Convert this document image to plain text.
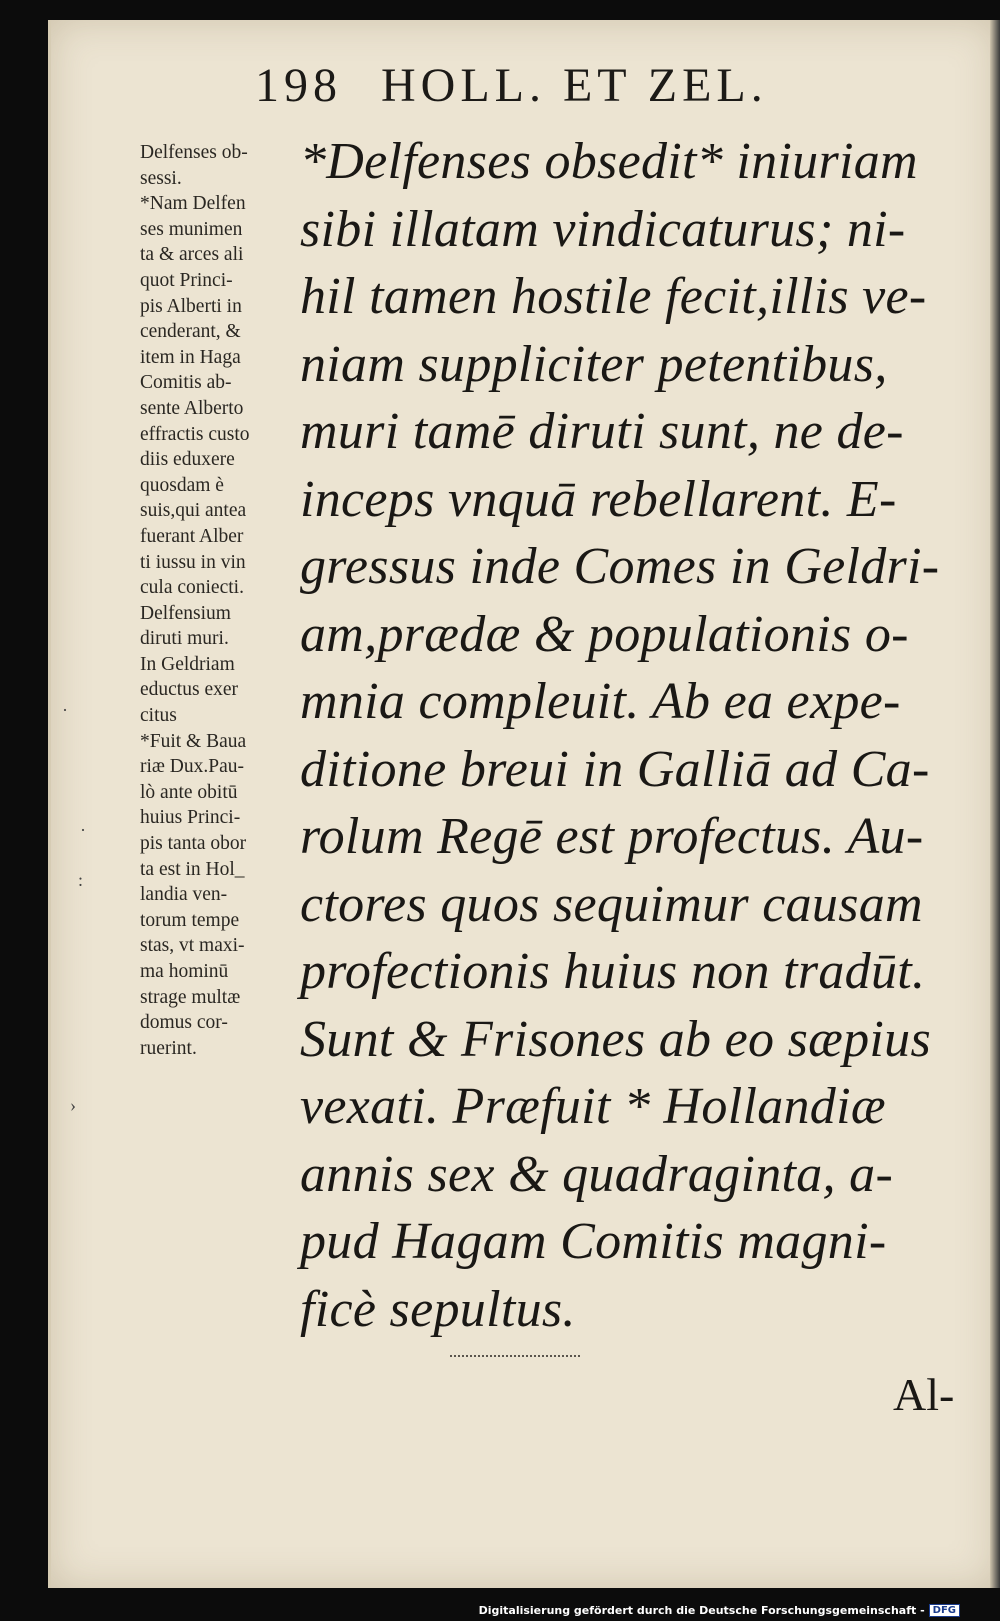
198 HOLL. ET ZEL.
Delfenses ob-
sessi.
*Nam Delfen
ses munimen
ta & arces ali
quot Princi-
pis Alberti in
cenderant, &
item in Haga
Comitis ab-
sente Alberto
effractis custo
diis eduxere
quosdam è
suis,qui antea
fuerant Alber
ti iussu in vin
cula coniecti.
Delfensium
diruti muri.
In Geldriam
eductus exer
citus
*Fuit & Baua
riæ Dux.Pau-
lò ante obitū
huius Princi-
pis tanta obor
ta est in Hol_
landia ven-
torum tempe
stas, vt maxi-
ma hominū
strage multæ
domus cor-
ruerint.
*Delfenses obsedit* iniuriam
sibi illatam vindicaturus; ni-
hil tamen hostile fecit,illis ve-
niam suppliciter petentibus,
muri tamē diruti sunt, ne de-
inceps vnquā rebellarent. E-
gressus inde Comes in Geldri-
am,prædæ & populationis o-
mnia compleuit. Ab ea expe-
ditione breui in Galliā ad Ca-
rolum Regē est profectus. Au-
ctores quos sequimur causam
profectionis huius non tradūt.
Sunt & Frisones ab eo sæpius
vexati. Præfuit * Hollandiæ
annis sex & quadraginta, a-
pud Hagam Comitis magni-
ficè sepultus.
Al-
·
·
:
›
Digitalisierung gefördert durch die Deutsche Forschungsgemeinschaft - DFG
